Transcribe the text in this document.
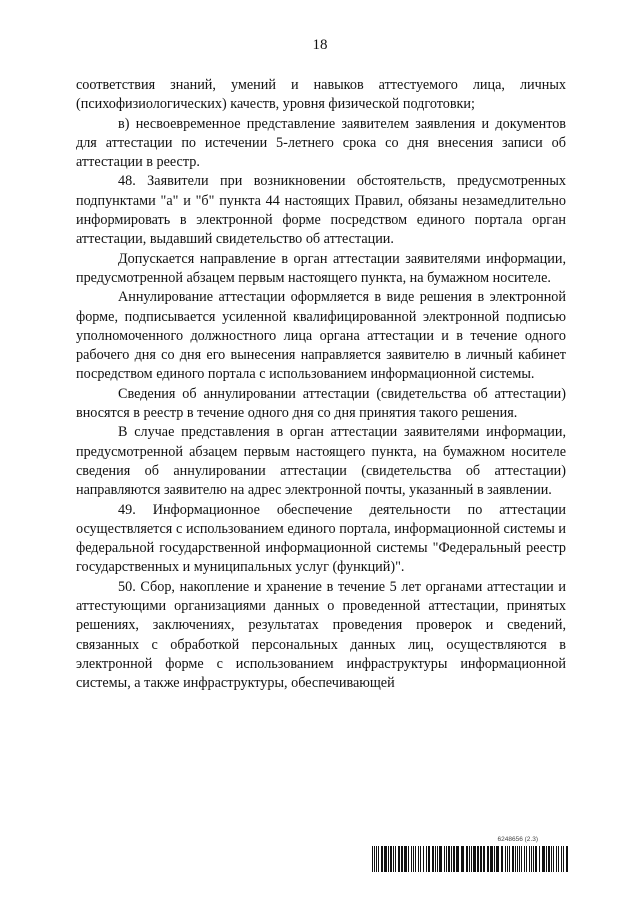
18

соответствия знаний, умений и навыков аттестуемого лица, личных (психофизиологических) качеств, уровня физической подготовки;

в) несвоевременное представление заявителем заявления и документов для аттестации по истечении 5-летнего срока со дня внесения записи об аттестации в реестр.

48. Заявители при возникновении обстоятельств, предусмотренных подпунктами "а" и "б" пункта 44 настоящих Правил, обязаны незамедлительно информировать в электронной форме посредством единого портала орган аттестации, выдавший свидетельство об аттестации.

Допускается направление в орган аттестации заявителями информации, предусмотренной абзацем первым настоящего пункта, на бумажном носителе.

Аннулирование аттестации оформляется в виде решения в электронной форме, подписывается усиленной квалифицированной электронной подписью уполномоченного должностного лица органа аттестации и в течение одного рабочего дня со дня его вынесения направляется заявителю в личный кабинет посредством единого портала с использованием информационной системы.

Сведения об аннулировании аттестации (свидетельства об аттестации) вносятся в реестр в течение одного дня со дня принятия такого решения.

В случае представления в орган аттестации заявителями информации, предусмотренной абзацем первым настоящего пункта, на бумажном носителе сведения об аннулировании аттестации (свидетельства об аттестации) направляются заявителю на адрес электронной почты, указанный в заявлении.

49. Информационное обеспечение деятельности по аттестации осуществляется с использованием единого портала, информационной системы и федеральной государственной информационной системы "Федеральный реестр государственных и муниципальных услуг (функций)".

50. Сбор, накопление и хранение в течение 5 лет органами аттестации и аттестующими организациями данных о проведенной аттестации, принятых решениях, заключениях, результатах проведения проверок и сведений, связанных с обработкой персональных данных лиц, осуществляются в электронной форме с использованием инфраструктуры информационной системы, а также инфраструктуры, обеспечивающей

6248656 (2.3)
